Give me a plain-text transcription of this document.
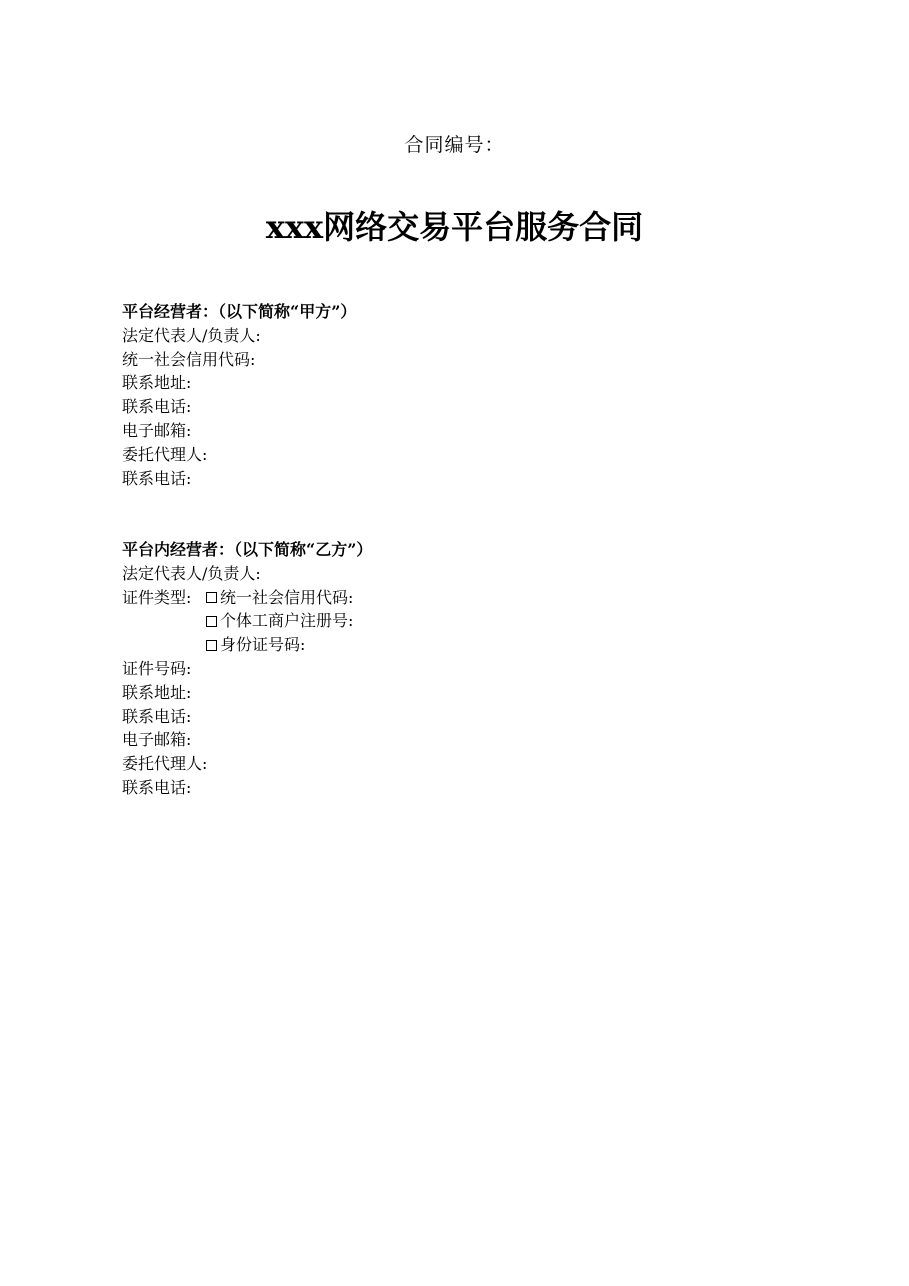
合同编号：
xxx网络交易平台服务合同
平台经营者：（以下简称“甲方”）
法定代表人/负责人:
统一社会信用代码:
联系地址:
联系电话:
电子邮箱:
委托代理人:
联系电话:
平台内经营者：（以下简称“乙方”）
法定代表人/负责人:
证件类型:	统一社会信用代码:
个体工商户注册号:
身份证号码:
证件号码:
联系地址:
联系电话:
电子邮箱:
委托代理人:
联系电话:
